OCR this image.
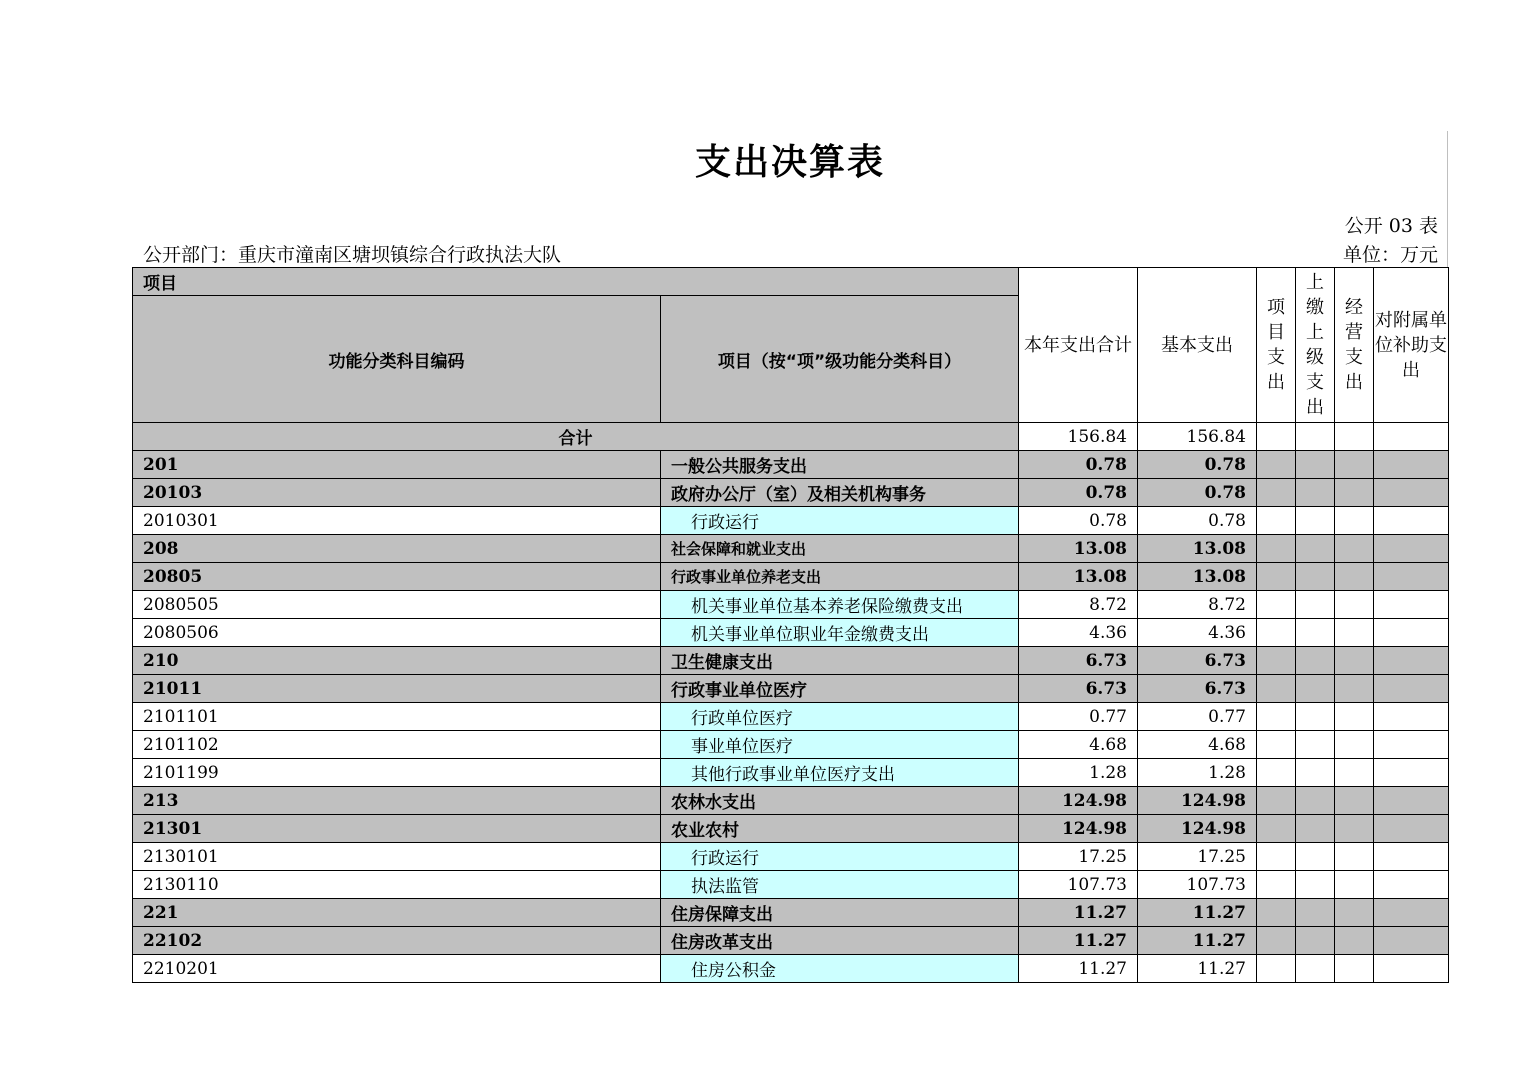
支出决算表
公开 03 表
公开部门：重庆市潼南区塘坝镇综合行政执法大队	单位：万元
项目		本年支出合计	基本支出	项目支出	上缴上级支出	经营支出	对附属单位补助支出
功能分类科目编码	项目（按“项”级功能分类科目）						
合计		156.84	156.84				
201	一般公共服务支出	0.78	0.78				
20103	政府办公厅（室）及相关机构事务	0.78	0.78				
2010301	行政运行	0.78	0.78				
208	社会保障和就业支出	13.08	13.08				
20805	行政事业单位养老支出	13.08	13.08				
2080505	机关事业单位基本养老保险缴费支出	8.72	8.72				
2080506	机关事业单位职业年金缴费支出	4.36	4.36				
210	卫生健康支出	6.73	6.73				
21011	行政事业单位医疗	6.73	6.73				
2101101	行政单位医疗	0.77	0.77				
2101102	事业单位医疗	4.68	4.68				
2101199	其他行政事业单位医疗支出	1.28	1.28				
213	农林水支出	124.98	124.98				
21301	农业农村	124.98	124.98				
2130101	行政运行	17.25	17.25				
2130110	执法监管	107.73	107.73				
221	住房保障支出	11.27	11.27				
22102	住房改革支出	11.27	11.27				
2210201	住房公积金	11.27	11.27				
